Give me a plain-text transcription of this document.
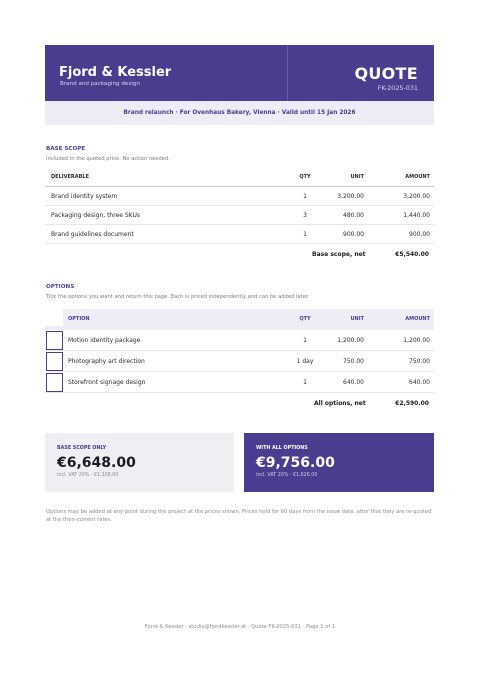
Fjord & Kessler
Brand and packaging design
QUOTE
FK-2025-031
Brand relaunch · For Ovenhaus Bakery, Vienna · Valid until 15 Jan 2026
BASE SCOPE
Included in the quoted price. No action needed.
DELIVERABLE	QTY	UNIT	AMOUNT
Brand identity system	1	3,200.00	3,200.00
Packaging design, three SKUs	3	480.00	1,440.00
Brand guidelines document	1	900.00	900.00
Base scope, net	€5,540.00
OPTIONS
Tick the options you want and return this page. Each is priced independently and can be added later.
OPTION	QTY	UNIT	AMOUNT
Motion identity package	1	1,200.00	1,200.00
Photography art direction	1 day	750.00	750.00
Storefront signage design	1	640.00	640.00
All options, net	€2,590.00
BASE SCOPE ONLY
€6,648.00
incl. VAT 20% · €1,108.00
WITH ALL OPTIONS
€9,756.00
incl. VAT 20% · €1,626.00
Options may be added at any point during the project at the prices shown. Prices hold for 60 days from the issue date, after that they are re-quoted at the then-current rates.
Fjord & Kessler · studio@fjordkessler.at · Quote FK-2025-031 · Page 1 of 1
